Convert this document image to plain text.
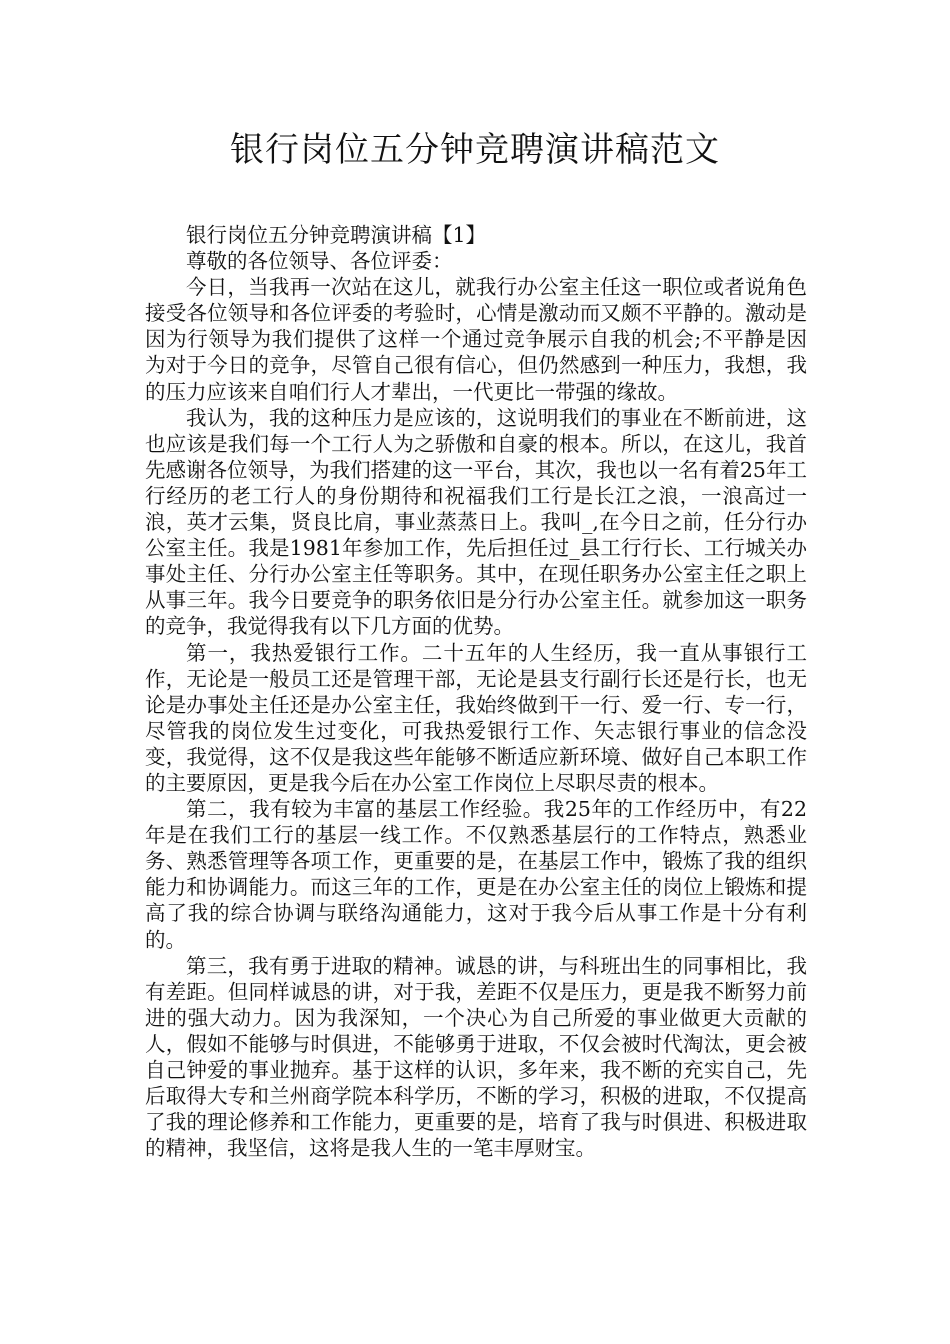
银行岗位五分钟竞聘演讲稿范文

银行岗位五分钟竞聘演讲稿【1】

尊敬的各位领导、各位评委：

今日，当我再一次站在这儿，就我行办公室主任这一职位或者说角色接受各位领导和各位评委的考验时，心情是激动而又颇不平静的。激动是因为行领导为我们提供了这样一个通过竞争展示自我的机会;不平静是因为对于今日的竞争，尽管自己很有信心，但仍然感到一种压力，我想，我的压力应该来自咱们行人才辈出，一代更比一带强的缘故。

我认为，我的这种压力是应该的，这说明我们的事业在不断前进，这也应该是我们每一个工行人为之骄傲和自豪的根本。所以，在这儿，我首先感谢各位领导，为我们搭建的这一平台，其次，我也以一名有着25年工行经历的老工行人的身份期待和祝福我们工行是长江之浪，一浪高过一浪，英才云集，贤良比肩，事业蒸蒸日上。我叫_,在今日之前，任分行办公室主任。我是1981年参加工作，先后担任过_县工行行长、工行城关办事处主任、分行办公室主任等职务。其中，在现任职务办公室主任之职上从事三年。我今日要竞争的职务依旧是分行办公室主任。就参加这一职务的竞争，我觉得我有以下几方面的优势。

第一，我热爱银行工作。二十五年的人生经历，我一直从事银行工作，无论是一般员工还是管理干部，无论是县支行副行长还是行长，也无论是办事处主任还是办公室主任，我始终做到干一行、爱一行、专一行，尽管我的岗位发生过变化，可我热爱银行工作、矢志银行事业的信念没变，我觉得，这不仅是我这些年能够不断适应新环境、做好自己本职工作的主要原因，更是我今后在办公室工作岗位上尽职尽责的根本。

第二，我有较为丰富的基层工作经验。我25年的工作经历中，有22年是在我们工行的基层一线工作。不仅熟悉基层行的工作特点，熟悉业务、熟悉管理等各项工作，更重要的是，在基层工作中，锻炼了我的组织能力和协调能力。而这三年的工作，更是在办公室主任的岗位上锻炼和提高了我的综合协调与联络沟通能力，这对于我今后从事工作是十分有利的。

第三，我有勇于进取的精神。诚恳的讲，与科班出生的同事相比，我有差距。但同样诚恳的讲，对于我，差距不仅是压力，更是我不断努力前进的强大动力。因为我深知，一个决心为自己所爱的事业做更大贡献的人，假如不能够与时俱进，不能够勇于进取，不仅会被时代淘汰，更会被自己钟爱的事业抛弃。基于这样的认识，多年来，我不断的充实自己，先后取得大专和兰州商学院本科学历，不断的学习，积极的进取，不仅提高了我的理论修养和工作能力，更重要的是，培育了我与时俱进、积极进取的精神，我坚信，这将是我人生的一笔丰厚财宝。
